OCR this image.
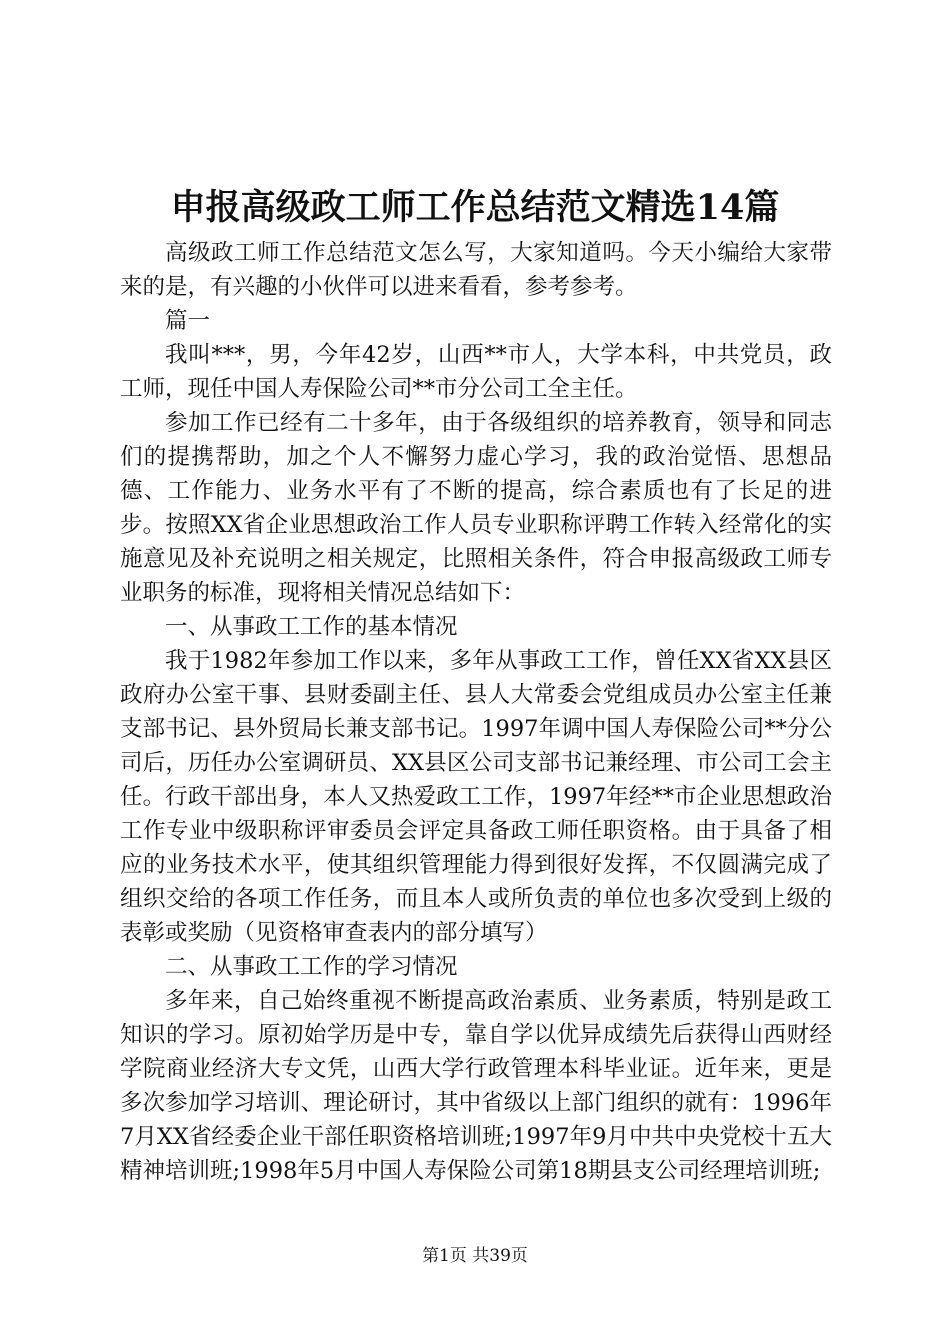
申报高级政工师工作总结范文精选14篇

高级政工师工作总结范文怎么写，大家知道吗。今天小编给大家带来的是，有兴趣的小伙伴可以进来看看，参考参考。

篇一

我叫***，男，今年42岁，山西**市人，大学本科，中共党员，政工师，现任中国人寿保险公司**市分公司工全主任。

参加工作已经有二十多年，由于各级组织的培养教育，领导和同志们的提携帮助，加之个人不懈努力虚心学习，我的政治觉悟、思想品德、工作能力、业务水平有了不断的提高，综合素质也有了长足的进步。按照XX省企业思想政治工作人员专业职称评聘工作转入经常化的实施意见及补充说明之相关规定，比照相关条件，符合申报高级政工师专业职务的标准，现将相关情况总结如下：

一、从事政工工作的基本情况

我于1982年参加工作以来，多年从事政工工作，曾任XX省XX县区政府办公室干事、县财委副主任、县人大常委会党组成员办公室主任兼支部书记、县外贸局长兼支部书记。1997年调中国人寿保险公司**分公司后，历任办公室调研员、XX县区公司支部书记兼经理、市公司工会主任。行政干部出身，本人又热爱政工工作，1997年经**市企业思想政治工作专业中级职称评审委员会评定具备政工师任职资格。由于具备了相应的业务技术水平，使其组织管理能力得到很好发挥，不仅圆满完成了组织交给的各项工作任务，而且本人或所负责的单位也多次受到上级的表彰或奖励（见资格审查表内的部分填写）

二、从事政工工作的学习情况

多年来，自己始终重视不断提高政治素质、业务素质，特别是政工知识的学习。原初始学历是中专，靠自学以优异成绩先后获得山西财经学院商业经济大专文凭，山西大学行政管理本科毕业证。近年来，更是多次参加学习培训、理论研讨，其中省级以上部门组织的就有：1996年7月XX省经委企业干部任职资格培训班;1997年9月中共中央党校十五大精神培训班;1998年5月中国人寿保险公司第18期县支公司经理培训班;

第1页 共39页
